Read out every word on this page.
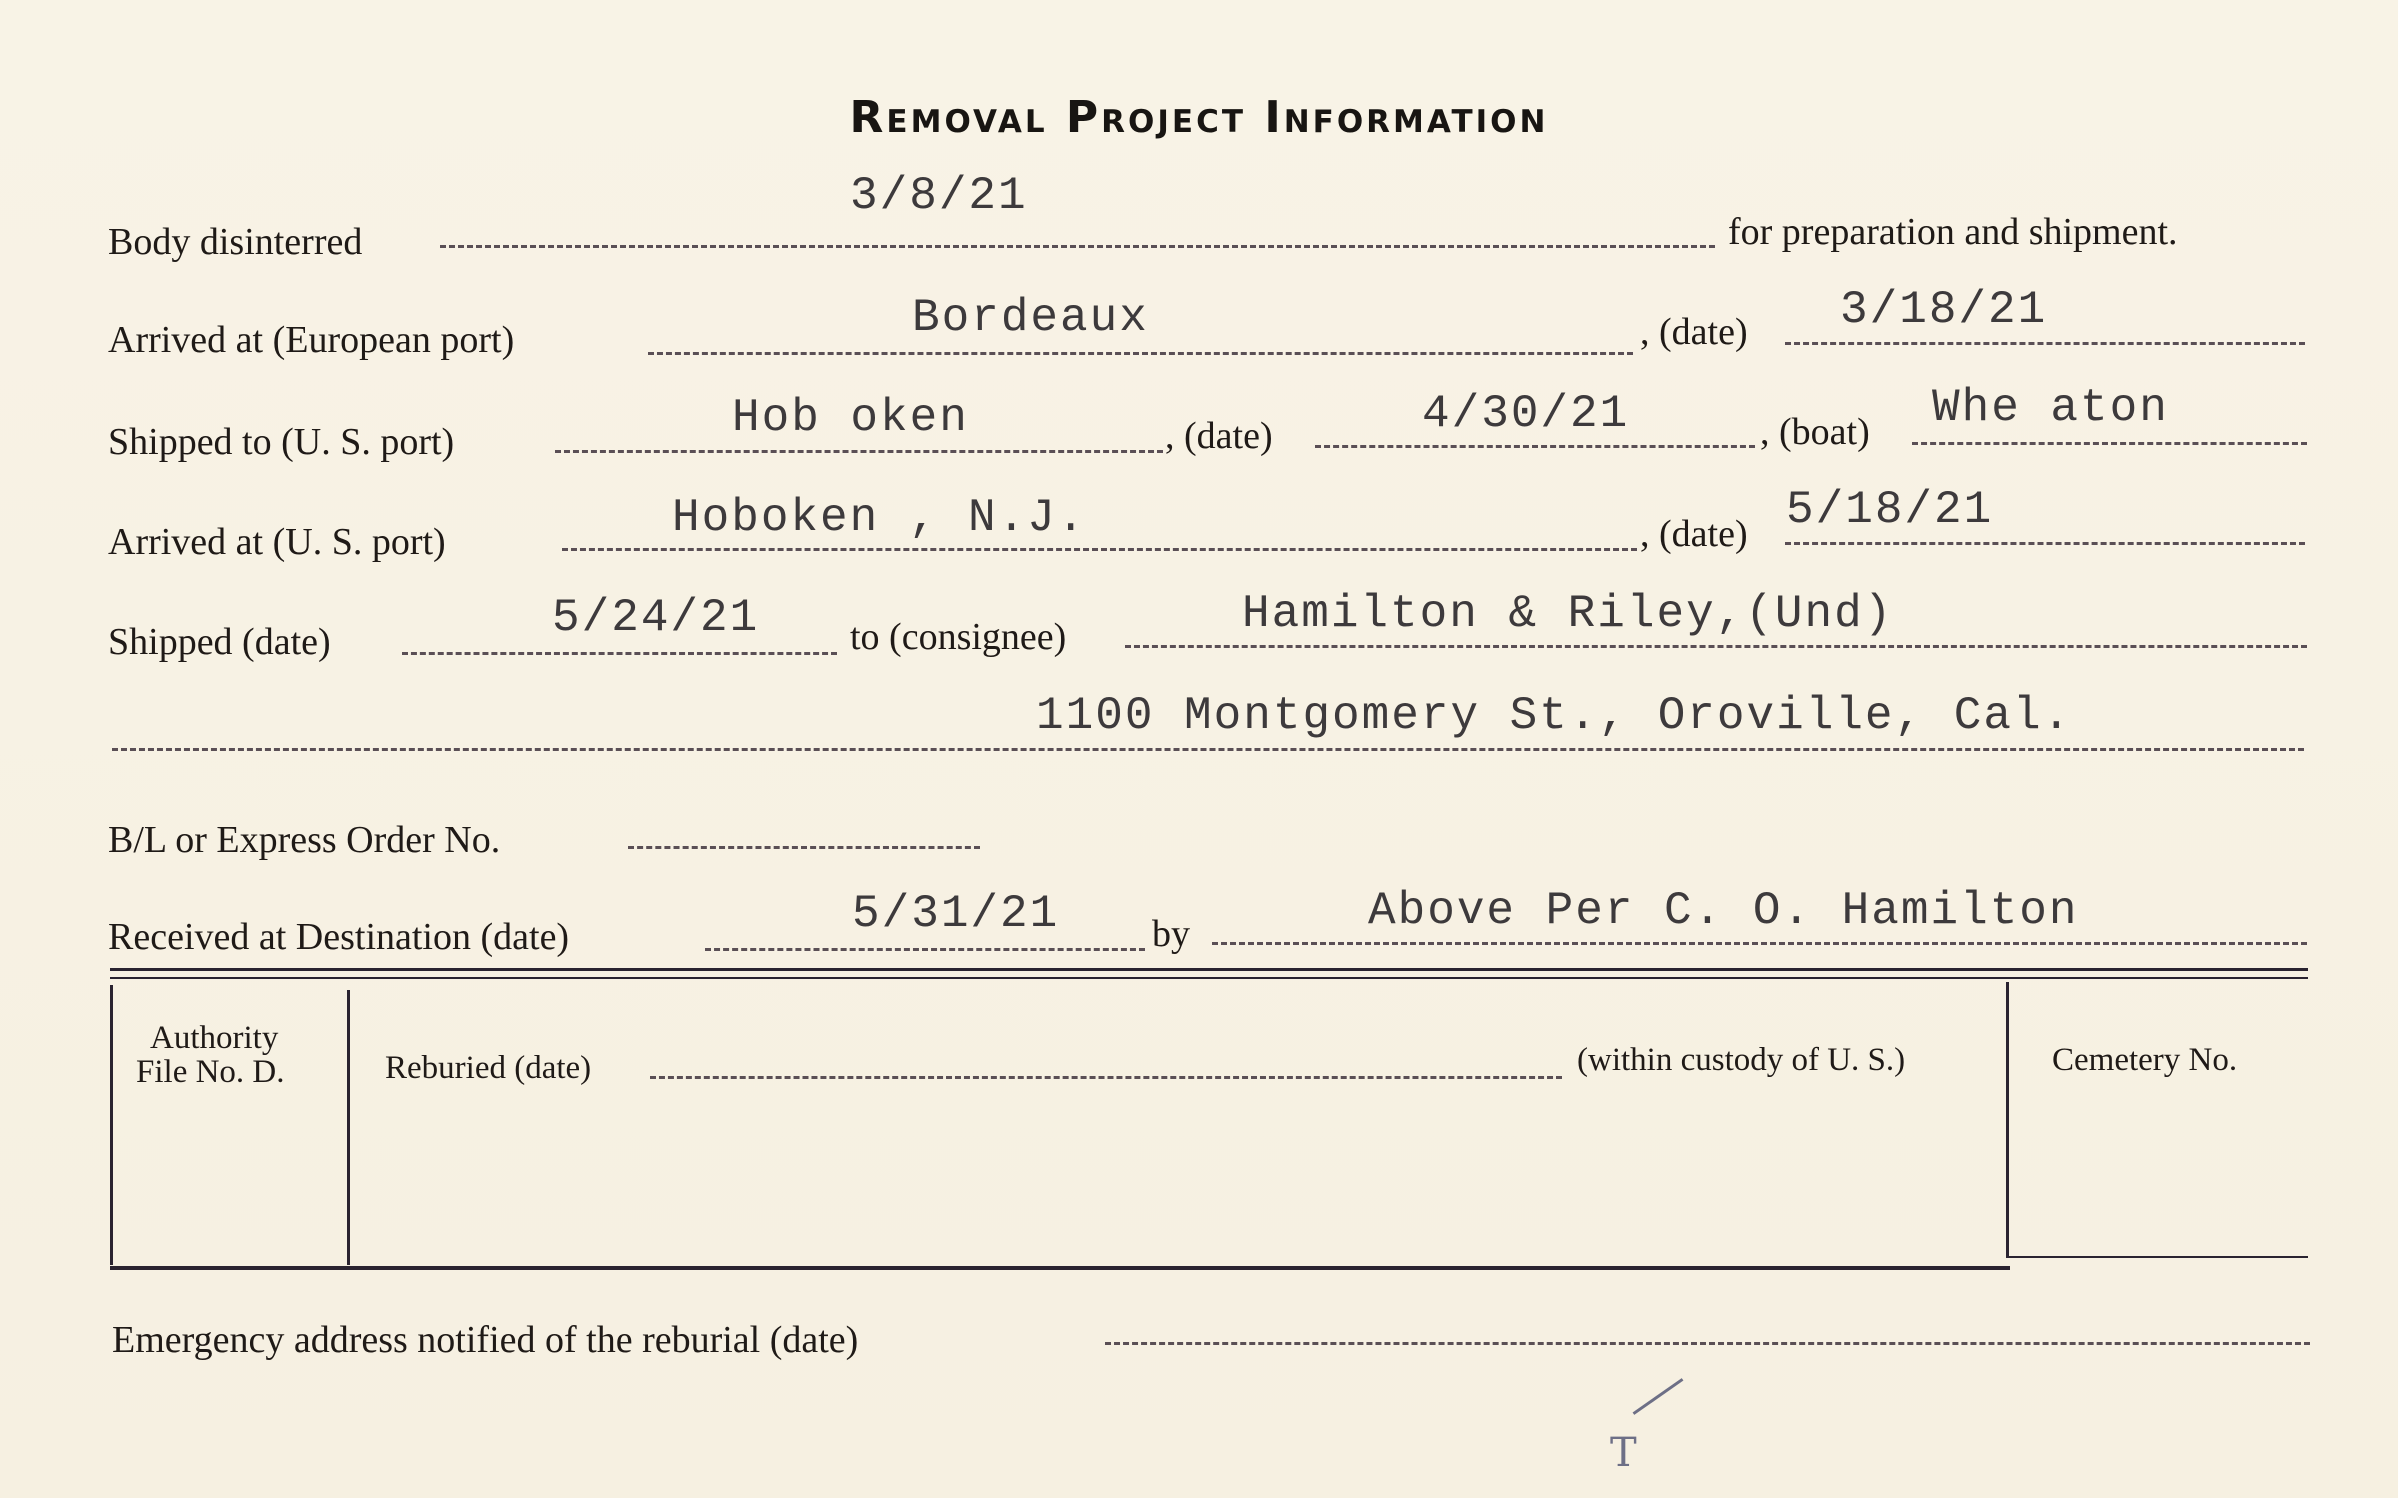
Removal Project Information
Body disinterred
3/8/21
for preparation and shipment.
Arrived at (European port)	Bordeaux	, (date) 3/18/21
Shipped to (U. S. port)	Hob oken	, (date)	4/30/21	, (boat) Whe aton
Arrived at (U. S. port)	Hoboken , N.J.	, (date) 5/18/21
Shipped (date)	5/24/21 to (consignee)	Hamilton & Riley,(Und)
1100 Montgomery St., Oroville, Cal.
B/L or Express Order No.
Received at Destination (date)	5/31/21 by	Above Per C. O. Hamilton
Authority
File No. D.	Reburied (date)	(within custody of U. S.)	Cemetery No.
Emergency address notified of the reburial (date)
T
